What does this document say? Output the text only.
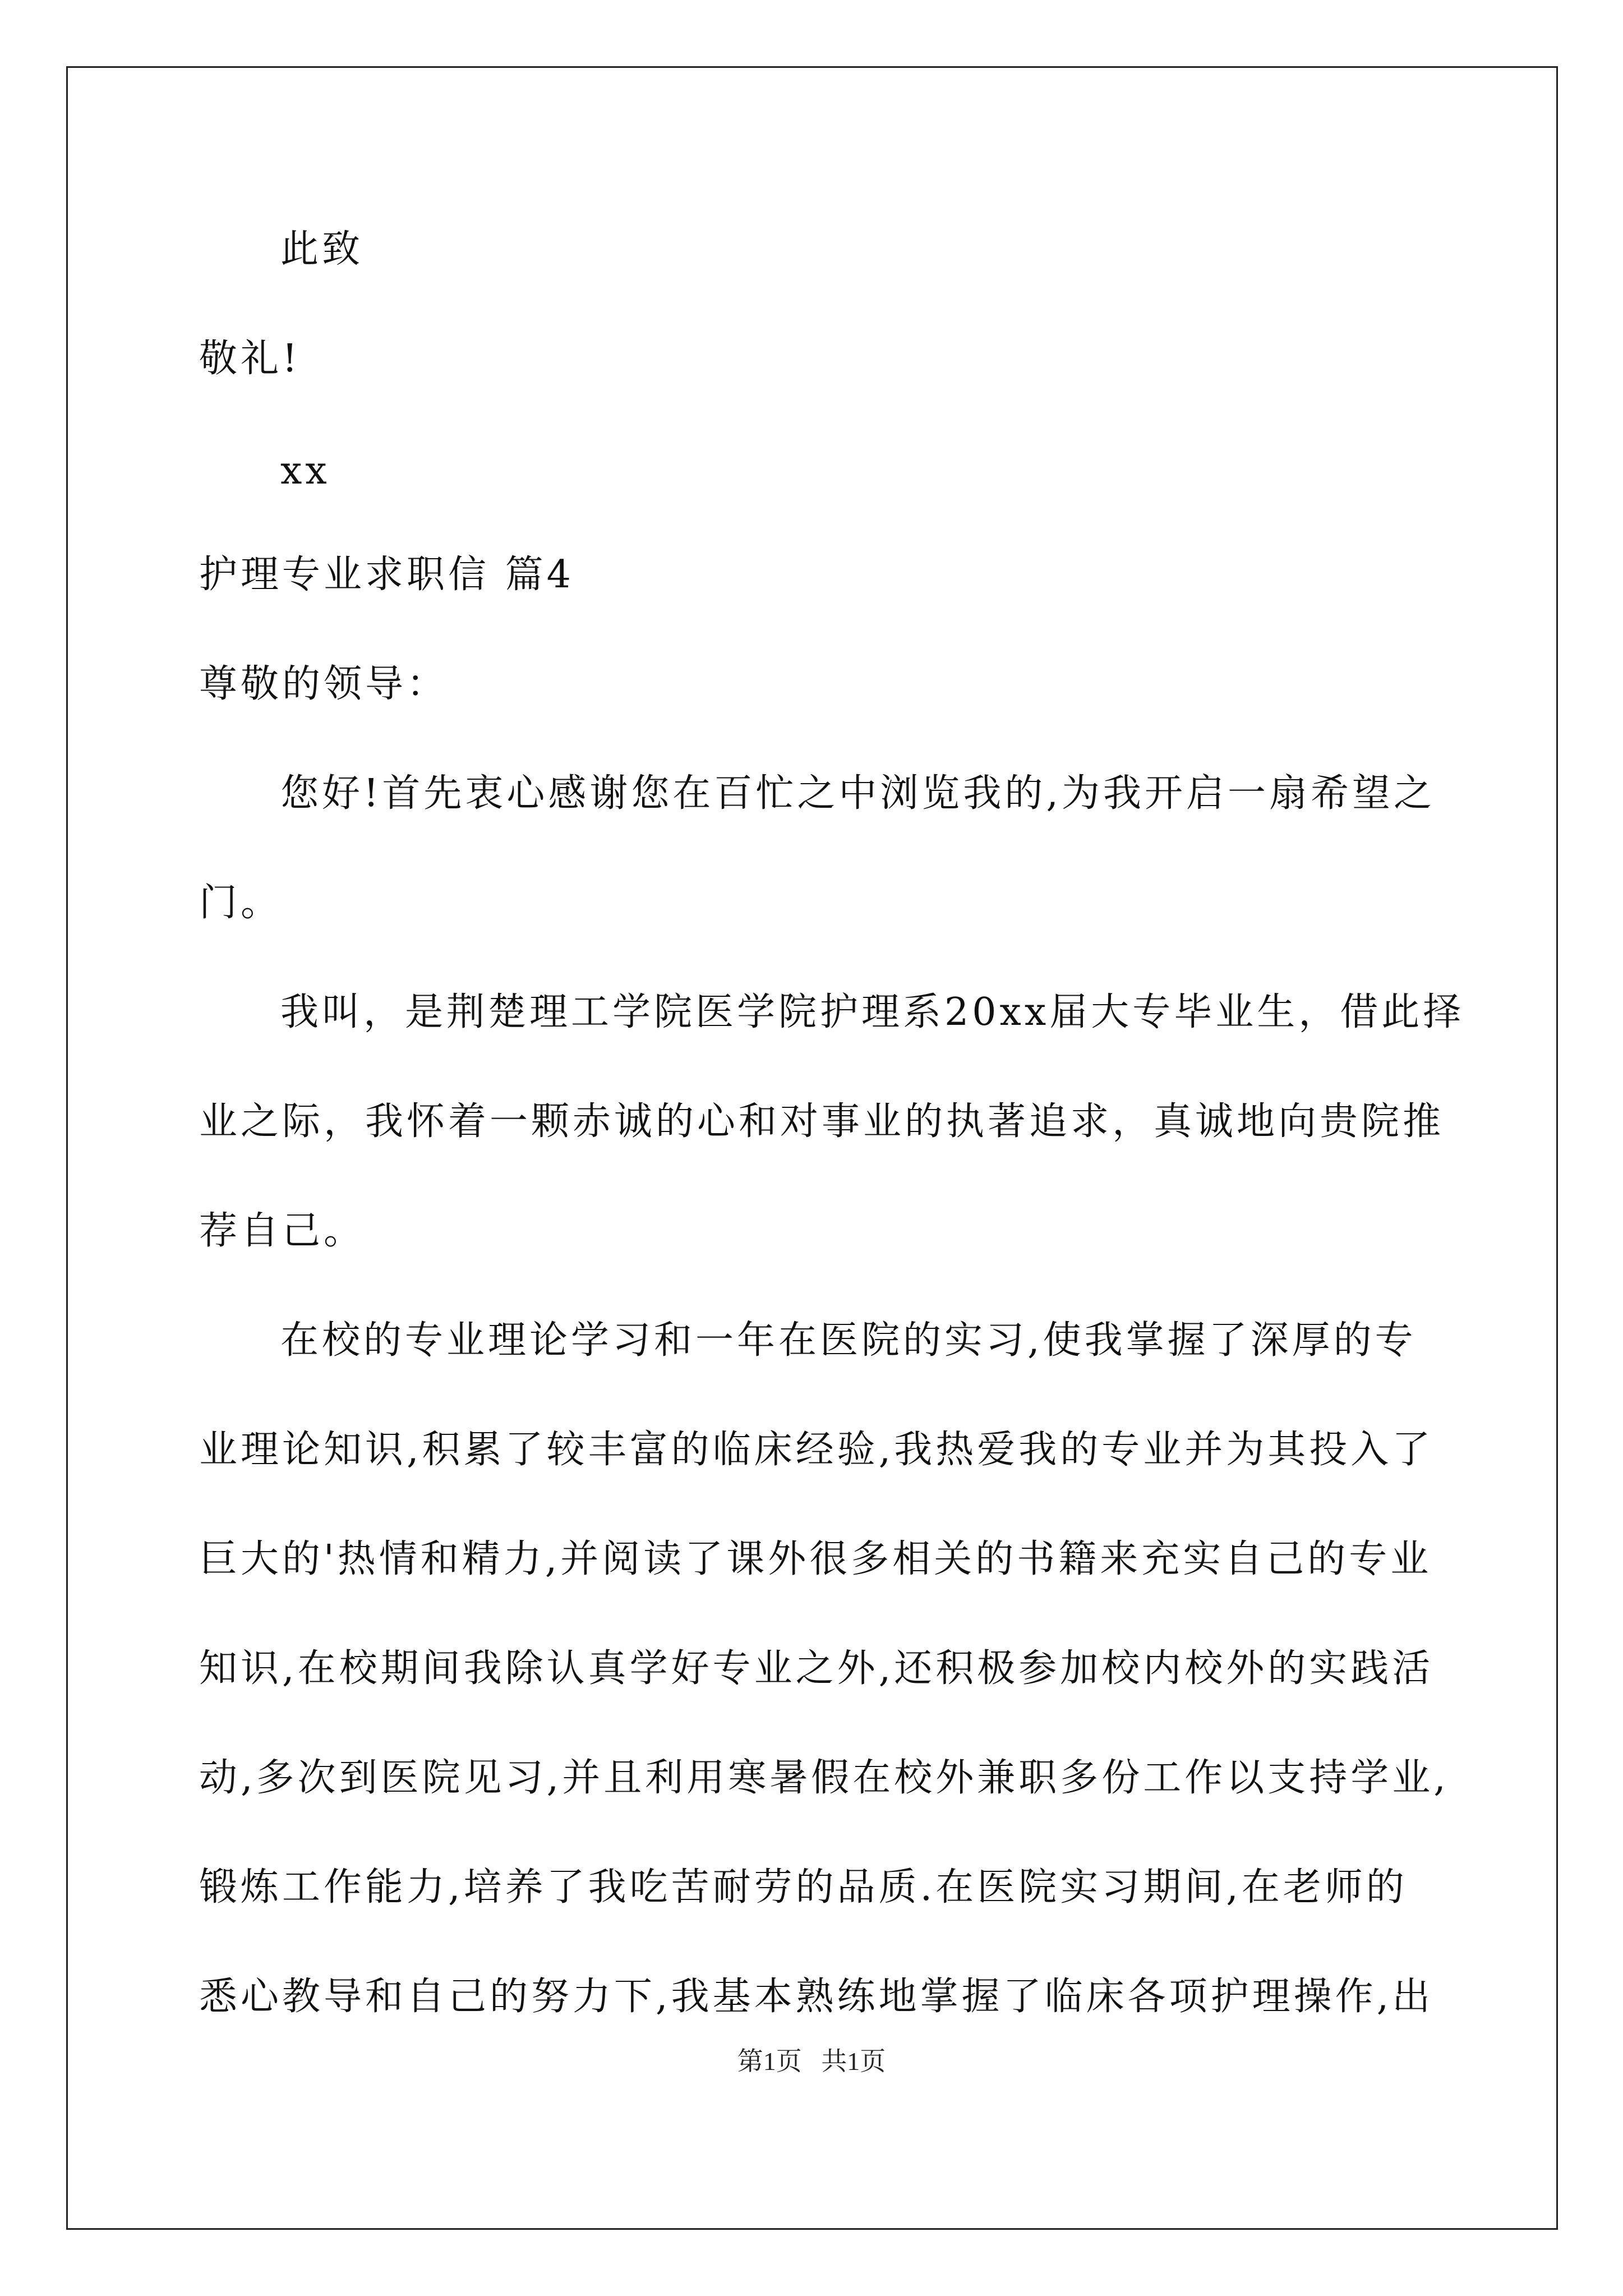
此致
敬礼!
xx
护理专业求职信 篇4
尊敬的领导：
您好!首先衷心感谢您在百忙之中浏览我的,为我开启一扇希望之
门。
我叫，是荆楚理工学院医学院护理系20xx届大专毕业生，借此择
业之际，我怀着一颗赤诚的心和对事业的执著追求，真诚地向贵院推
荐自己。
在校的专业理论学习和一年在医院的实习,使我掌握了深厚的专
业理论知识,积累了较丰富的临床经验,我热爱我的专业并为其投入了
巨大的'热情和精力,并阅读了课外很多相关的书籍来充实自己的专业
知识,在校期间我除认真学好专业之外,还积极参加校内校外的实践活
动,多次到医院见习,并且利用寒暑假在校外兼职多份工作以支持学业,
锻炼工作能力,培养了我吃苦耐劳的品质.在医院实习期间,在老师的
悉心教导和自己的努力下,我基本熟练地掌握了临床各项护理操作,出
第1页   共1页
